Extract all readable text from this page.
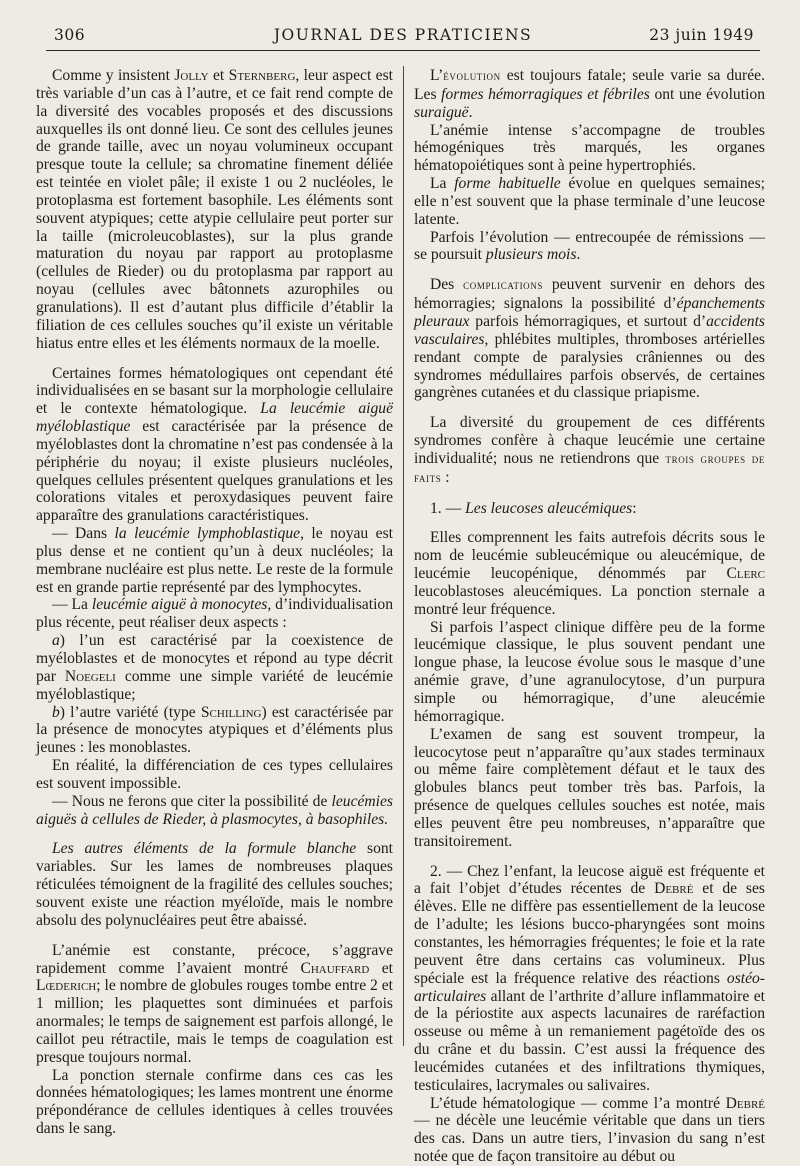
306	JOURNAL DES PRATICIENS	23 juin 1949

Comme y insistent Jolly et Sternberg, leur aspect est très variable d’un cas à l’autre, et ce fait rend compte de la diversité des vocables proposés et des discussions auxquelles ils ont donné lieu. Ce sont des cellules jeunes de grande taille, avec un noyau volumineux occupant presque toute la cellule; sa chromatine finement déliée est teintée en violet pâle; il existe 1 ou 2 nucléoles, le protoplasma est fortement basophile. Les éléments sont souvent atypiques; cette atypie cellulaire peut porter sur la taille (microleucoblastes), sur la plus grande maturation du noyau par rapport au protoplasme (cellules de Rieder) ou du protoplasma par rapport au noyau (cellules avec bâtonnets azurophiles ou granulations). Il est d’autant plus difficile d’établir la filiation de ces cellules souches qu’il existe un véritable hiatus entre elles et les éléments normaux de la moelle.

Certaines formes hématologiques ont cependant été individualisées en se basant sur la morphologie cellulaire et le contexte hématologique. La leucémie aiguë myéloblastique est caractérisée par la présence de myéloblastes dont la chromatine n’est pas condensée à la périphérie du noyau; il existe plusieurs nucléoles, quelques cellules présentent quelques granulations et les colorations vitales et peroxydasiques peuvent faire apparaître des granulations caractéristiques.

— Dans la leucémie lymphoblastique, le noyau est plus dense et ne contient qu’un à deux nucléoles; la membrane nucléaire est plus nette. Le reste de la formule est en grande partie représenté par des lymphocytes.

— La leucémie aiguë à monocytes, d’individualisation plus récente, peut réaliser deux aspects :

a) l’un est caractérisé par la coexistence de myéloblastes et de monocytes et répond au type décrit par Noegeli comme une simple variété de leucémie myéloblastique;

b) l’autre variété (type Schilling) est caractérisée par la présence de monocytes atypiques et d’éléments plus jeunes : les monoblastes.

En réalité, la différenciation de ces types cellulaires est souvent impossible.

— Nous ne ferons que citer la possibilité de leucémies aiguës à cellules de Rieder, à plasmocytes, à basophiles.

Les autres éléments de la formule blanche sont variables. Sur les lames de nombreuses plaques réticulées témoignent de la fragilité des cellules souches; souvent existe une réaction myéloïde, mais le nombre absolu des polynucléaires peut être abaissé.

L’anémie est constante, précoce, s’aggrave rapidement comme l’avaient montré Chauffard et Lœderich; le nombre de globules rouges tombe entre 2 et 1 million; les plaquettes sont diminuées et parfois anormales; le temps de saignement est parfois allongé, le caillot peu rétractile, mais le temps de coagulation est presque toujours normal.

La ponction sternale confirme dans ces cas les données hématologiques; les lames montrent une énorme prépondérance de cellules identiques à celles trouvées dans le sang.

L’évolution est toujours fatale; seule varie sa durée. Les formes hémorragiques et fébriles ont une évolution suraiguë.

L’anémie intense s’accompagne de troubles hémogéniques très marqués, les organes hématopoiétiques sont à peine hypertrophiés.

La forme habituelle évolue en quelques semaines; elle n’est souvent que la phase terminale d’une leucose latente.

Parfois l’évolution — entrecoupée de rémissions — se poursuit plusieurs mois.

Des complications peuvent survenir en dehors des hémorragies; signalons la possibilité d’épanchements pleuraux parfois hémorragiques, et surtout d’accidents vasculaires, phlébites multiples, thromboses artérielles rendant compte de paralysies crâniennes ou des syndromes médullaires parfois observés, de certaines gangrènes cutanées et du classique priapisme.

La diversité du groupement de ces différents syndromes confère à chaque leucémie une certaine individualité; nous ne retiendrons que trois groupes de faits :

1. — Les leucoses aleucémiques:

Elles comprennent les faits autrefois décrits sous le nom de leucémie subleucémique ou aleucémique, de leucémie leucopénique, dénommés par Clerc leucoblastoses aleucémiques. La ponction sternale a montré leur fréquence.

Si parfois l’aspect clinique diffère peu de la forme leucémique classique, le plus souvent pendant une longue phase, la leucose évolue sous le masque d’une anémie grave, d’une agranulocytose, d’un purpura simple ou hémorragique, d’une aleucémie hémorragique.

L’examen de sang est souvent trompeur, la leucocytose peut n’apparaître qu’aux stades terminaux ou même faire complètement défaut et le taux des globules blancs peut tomber très bas. Parfois, la présence de quelques cellules souches est notée, mais elles peuvent être peu nombreuses, n’apparaître que transitoirement.

2. — Chez l’enfant, la leucose aiguë est fréquente et a fait l’objet d’études récentes de Debré et de ses élèves. Elle ne diffère pas essentiellement de la leucose de l’adulte; les lésions bucco-pharyngées sont moins constantes, les hémorragies fréquentes; le foie et la rate peuvent être dans certains cas volumineux. Plus spéciale est la fréquence relative des réactions ostéo-articulaires allant de l’arthrite d’allure inflammatoire et de la périostite aux aspects lacunaires de raréfaction osseuse ou même à un remaniement pagétoïde des os du crâne et du bassin. C’est aussi la fréquence des leucémides cutanées et des infiltrations thymiques, testiculaires, lacrymales ou salivaires.

L’étude hématologique — comme l’a montré Debré — ne décèle une leucémie véritable que dans un tiers des cas. Dans un autre tiers, l’invasion du sang n’est notée que de façon transitoire au début ou
